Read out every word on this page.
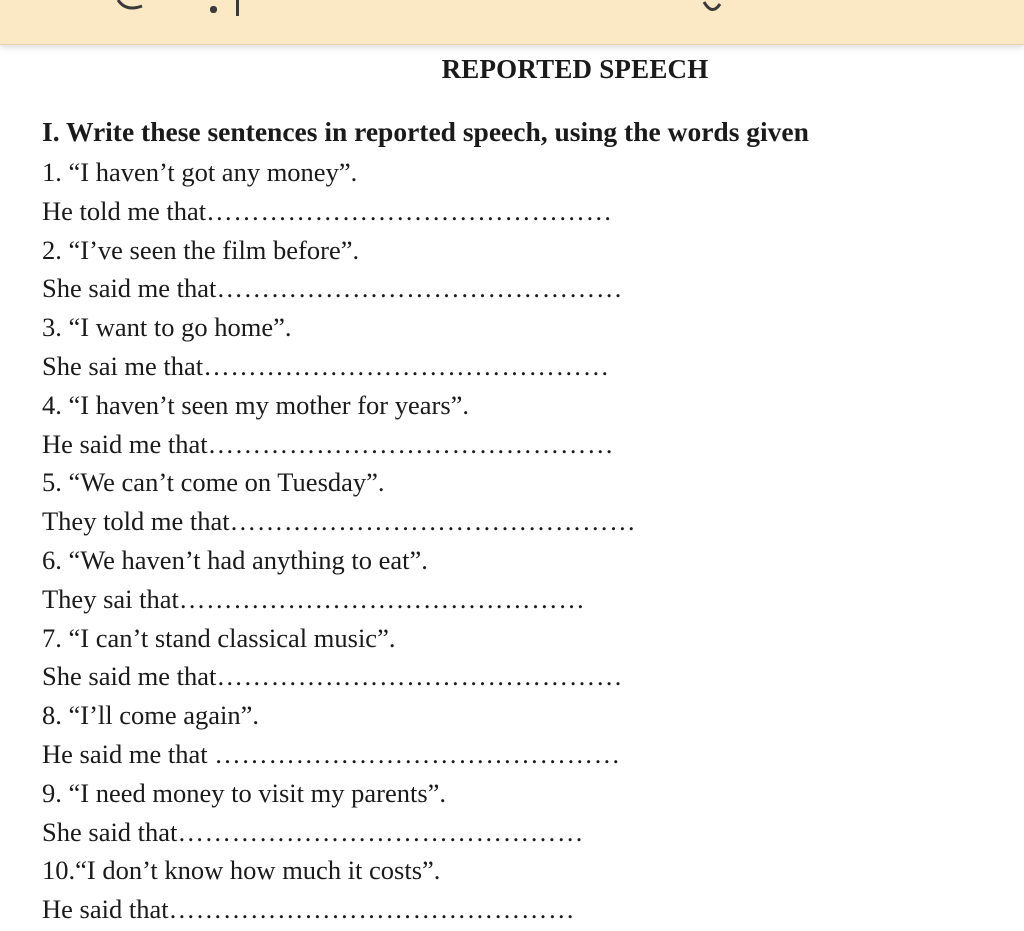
REPORTED SPEECH
I. Write these sentences in reported speech, using the words given
1. “I haven’t got any money”.
He told me that………………………………………
2. “I’ve seen the film before”.
She said me that………………………………………
3. “I want to go home”.
She sai me that………………………………………
4. “I haven’t seen my mother for years”.
He said me that………………………………………
5. “We can’t come on Tuesday”.
They told me that………………………………………
6. “We haven’t had anything to eat”.
They sai that………………………………………
7. “I can’t stand classical music”.
She said me that………………………………………
8. “I’ll come again”.
He said me that ………………………………………
9. “I need money to visit my parents”.
She said that………………………………………
10.“I don’t know how much it costs”.
He said that………………………………………
